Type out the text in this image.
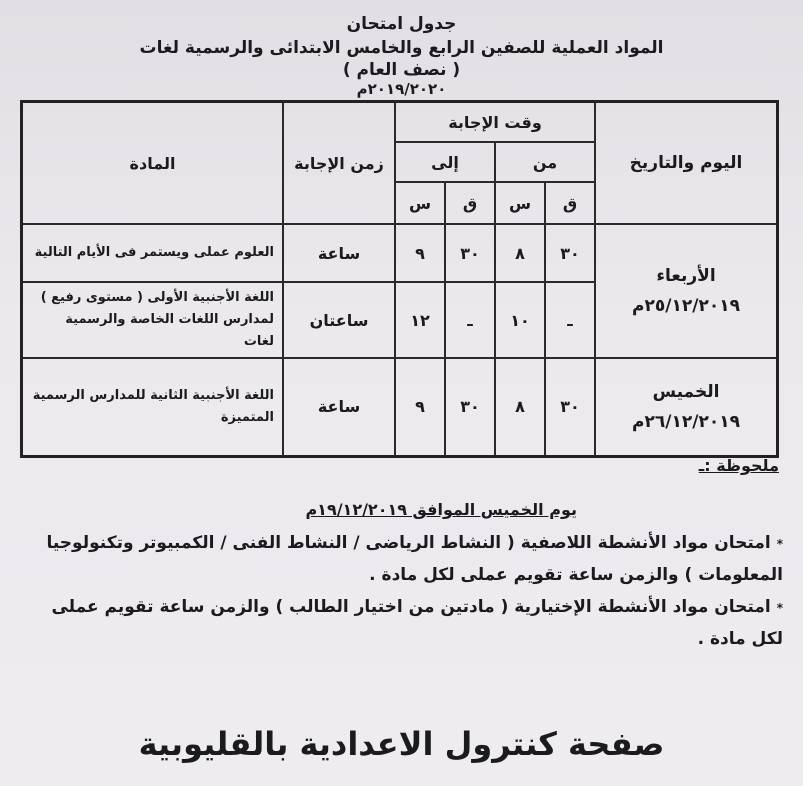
جدول امتحان
المواد العملية للصفين الرابع والخامس الابتدائى والرسمية لغات
( نصف العام )
٢٠١٩/٢٠٢٠م
اليوم والتاريخ	وقت الإجابة				زمن الإجابة	المادة
	من		إلى			
	ق	س	ق	س		

الأربعاء
٢٥/١٢/٢٠١٩م	٣٠	٨	٣٠	٩	ساعة	العلوم عملى ويستمر فى الأيام التالية
	ـ	١٠	ـ	١٢	ساعتان	اللغة الأجنبية الأولى ( مستوى رفيع ) لمدارس اللغات الخاصة والرسمية لغات

الخميس
٢٦/١٢/٢٠١٩م	٣٠	٨	٣٠	٩	ساعة	اللغة الأجنبية الثانية للمدارس الرسمية المتميزة
ملحوظة :ـ
يوم الخميس الموافق ١٩/١٢/٢٠١٩م
*امتحان مواد الأنشطة اللاصفية ( النشاط الرياضى / النشاط الفنى / الكمبيوتر وتكنولوجيا المعلومات ) والزمن ساعة تقويم عملى لكل مادة .
*امتحان مواد الأنشطة الإختيارية ( مادتين من اختيار الطالب ) والزمن ساعة تقويم عملى لكل مادة .
صفحة كنترول الاعدادية بالقليوبية
